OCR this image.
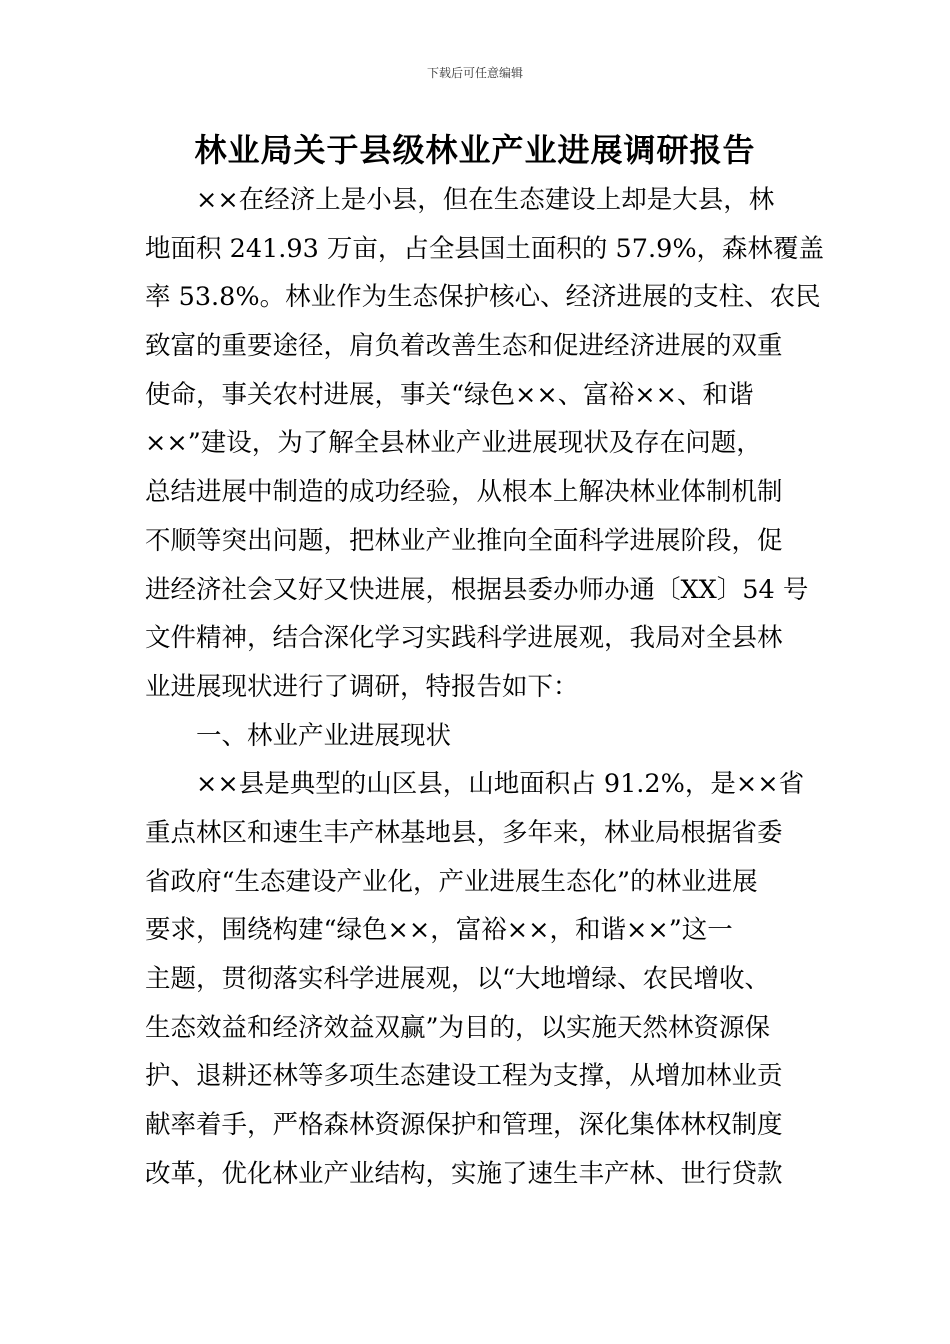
下载后可任意编辑
林业局关于县级林业产业进展调研报告
　　××在经济上是小县，但在生态建设上却是大县，林
地面积 241.93 万亩，占全县国土面积的 57.9%，森林覆盖
率 53.8%。林业作为生态保护核心、经济进展的支柱、农民
致富的重要途径，肩负着改善生态和促进经济进展的双重
使命，事关农村进展，事关“绿色××、富裕××、和谐
××”建设，为了解全县林业产业进展现状及存在问题，
总结进展中制造的成功经验，从根本上解决林业体制机制
不顺等突出问题，把林业产业推向全面科学进展阶段，促
进经济社会又好又快进展，根据县委办师办通〔XX〕54 号
文件精神，结合深化学习实践科学进展观，我局对全县林
业进展现状进行了调研，特报告如下：
　　一、林业产业进展现状
　　××县是典型的山区县，山地面积占 91.2%，是××省
重点林区和速生丰产林基地县，多年来，林业局根据省委
省政府“生态建设产业化，产业进展生态化”的林业进展
要求，围绕构建“绿色××，富裕××，和谐××”这一
主题，贯彻落实科学进展观，以“大地增绿、农民增收、
生态效益和经济效益双赢”为目的，以实施天然林资源保
护、退耕还林等多项生态建设工程为支撑，从增加林业贡
献率着手，严格森林资源保护和管理，深化集体林权制度
改革，优化林业产业结构，实施了速生丰产林、世行贷款
